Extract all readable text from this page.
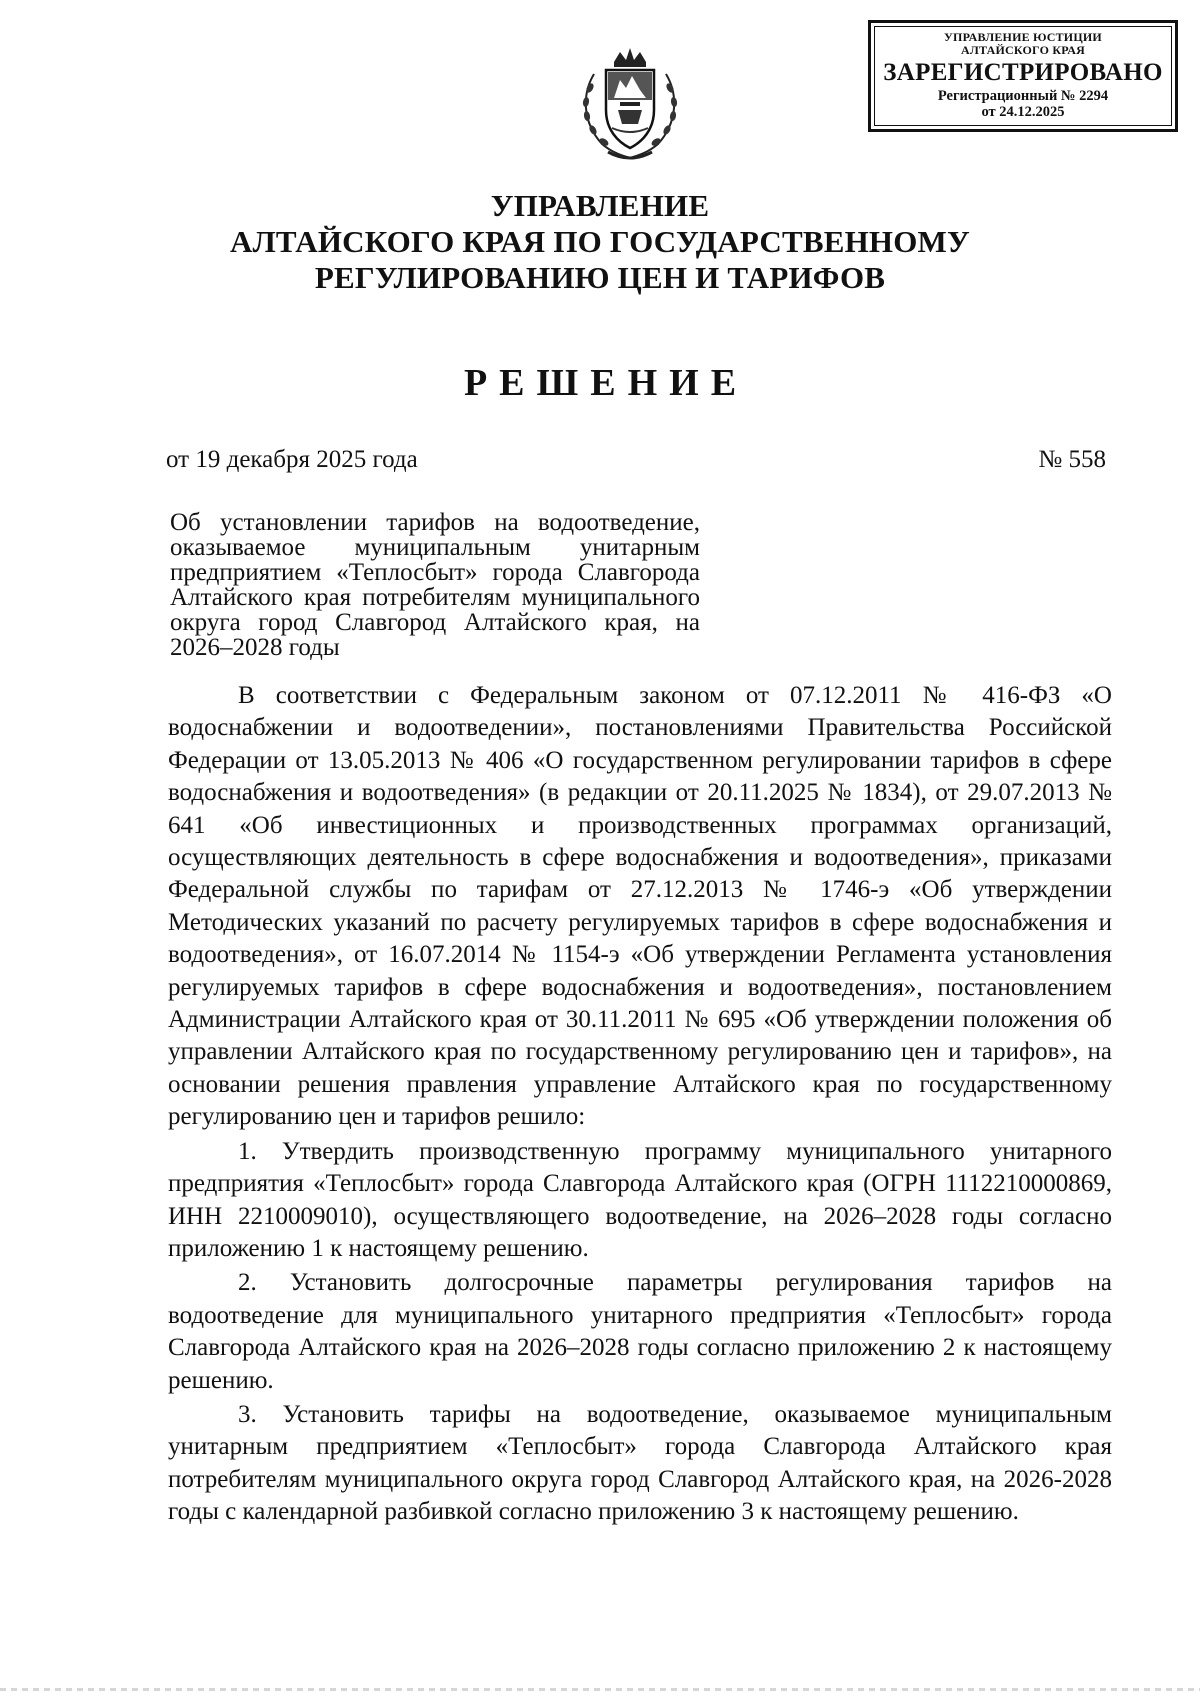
УПРАВЛЕНИЕ ЮСТИЦИИ
АЛТАЙСКОГО КРАЯ
ЗАРЕГИСТРИРОВАНО
Регистрационный № 2294
от 24.12.2025
УПРАВЛЕНИЕ
АЛТАЙСКОГО КРАЯ ПО ГОСУДАРСТВЕННОМУ
РЕГУЛИРОВАНИЮ ЦЕН И ТАРИФОВ
РЕШЕНИЕ
от 19 декабря 2025 года	№ 558
Об установлении тарифов на водоотведение, оказываемое муниципальным унитарным предприятием «Теплосбыт» города Славгорода Алтайского края потребителям муниципального округа город Славгород Алтайского края, на 2026–2028 годы

В соответствии с Федеральным законом от 07.12.2011 № 416-ФЗ «О водоснабжении и водоотведении», постановлениями Правительства Российской Федерации от 13.05.2013 № 406 «О государственном регулировании тарифов в сфере водоснабжения и водоотведения» (в редакции от 20.11.2025 № 1834), от 29.07.2013 № 641 «Об инвестиционных и производственных программах организаций, осуществляющих деятельность в сфере водоснабжения и водоотведения», приказами Федеральной службы по тарифам от 27.12.2013 № 1746-э «Об утверждении Методических указаний по расчету регулируемых тарифов в сфере водоснабжения и водоотведения», от 16.07.2014 № 1154-э «Об утверждении Регламента установления регулируемых тарифов в сфере водоснабжения и водоотведения», постановлением Администрации Алтайского края от 30.11.2011 № 695 «Об утверждении положения об управлении Алтайского края по государственному регулированию цен и тарифов», на основании решения правления управление Алтайского края по государственному регулированию цен и тарифов решило:

1. Утвердить производственную программу муниципального унитарного предприятия «Теплосбыт» города Славгорода Алтайского края (ОГРН 1112210000869, ИНН 2210009010), осуществляющего водоотведение, на 2026–2028 годы согласно приложению 1 к настоящему решению.

2. Установить долгосрочные параметры регулирования тарифов на водоотведение для муниципального унитарного предприятия «Теплосбыт» города Славгорода Алтайского края на 2026–2028 годы согласно приложению 2 к настоящему решению.

3. Установить тарифы на водоотведение, оказываемое муниципальным унитарным предприятием «Теплосбыт» города Славгорода Алтайского края потребителям муниципального округа город Славгород Алтайского края, на 2026-2028 годы с календарной разбивкой согласно приложению 3 к настоящему решению.
